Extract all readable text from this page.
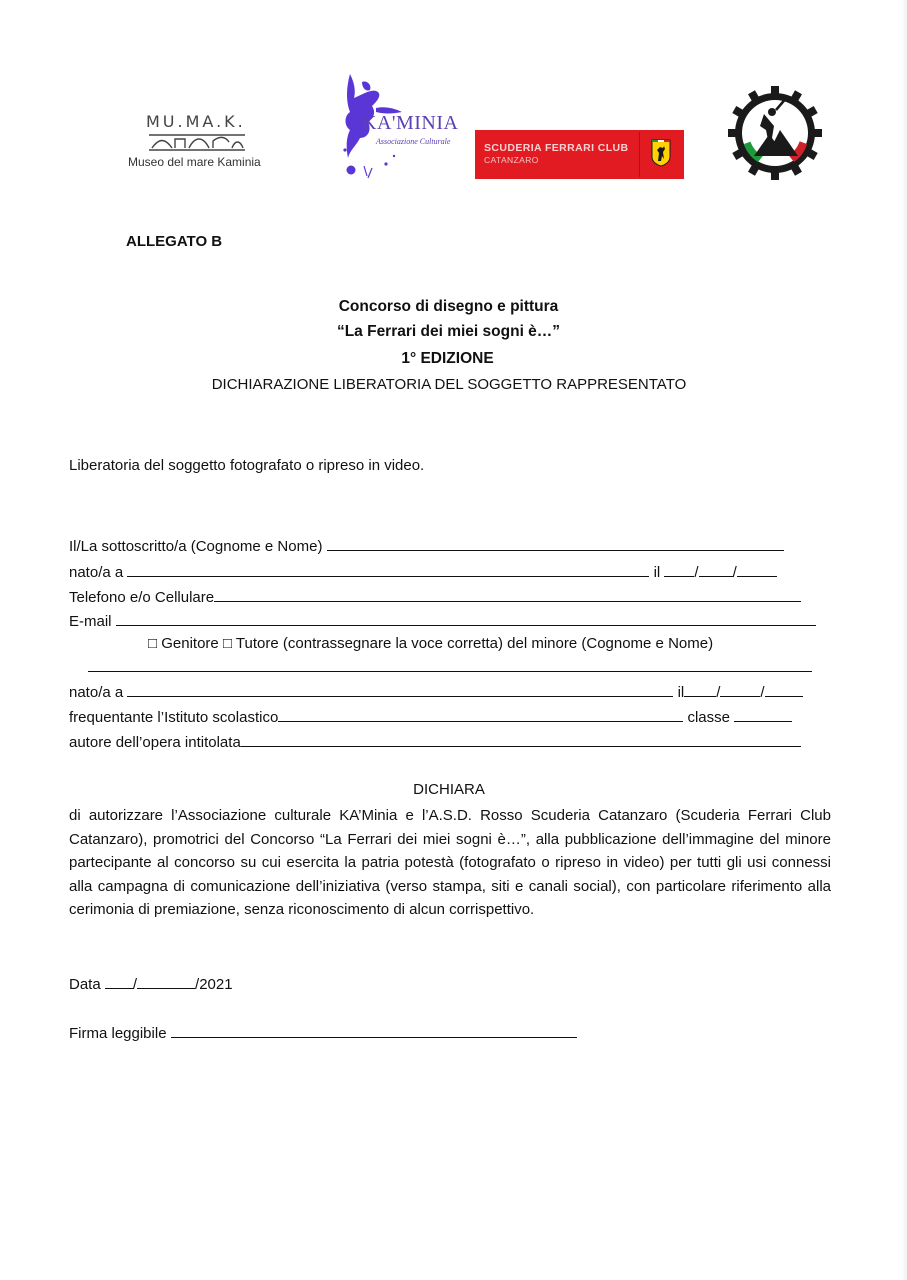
MU.MA.K.
Museo del mare Kaminia
KA'MINIA
Associazione Culturale
SCUDERIA FERRARI CLUB
CATANZARO
ALLEGATO B
Concorso di disegno e pittura
“La Ferrari dei miei sogni è…”
1° EDIZIONE
DICHIARAZIONE LIBERATORIA DEL SOGGETTO RAPPRESENTATO
Liberatoria del soggetto fotografato o ripreso in video.
Il/La sottoscritto/a (Cognome e Nome)
nato/a a	il / /
Telefono e/o Cellulare
E-mail
□ Genitore □ Tutore (contrassegnare la voce corretta) del minore (Cognome e Nome)
nato/a a	il /	/
frequentante l’Istituto scolastico	classe
autore dell’opera intitolata
DICHIARA
di autorizzare l’Associazione culturale KA’Minia e l’A.S.D. Rosso Scuderia Catanzaro (Scuderia Ferrari Club Catanzaro), promotrici del Concorso “La Ferrari dei miei sogni è…”, alla pubblicazione dell’immagine del minore partecipante al concorso su cui esercita la patria potestà (fotografato o ripreso in video) per tutti gli usi connessi alla campagna di comunicazione dell’iniziativa (verso stampa, siti e canali social), con particolare riferimento alla cerimonia di premiazione, senza riconoscimento di alcun corrispettivo.
Data /	/2021
Firma leggibile
